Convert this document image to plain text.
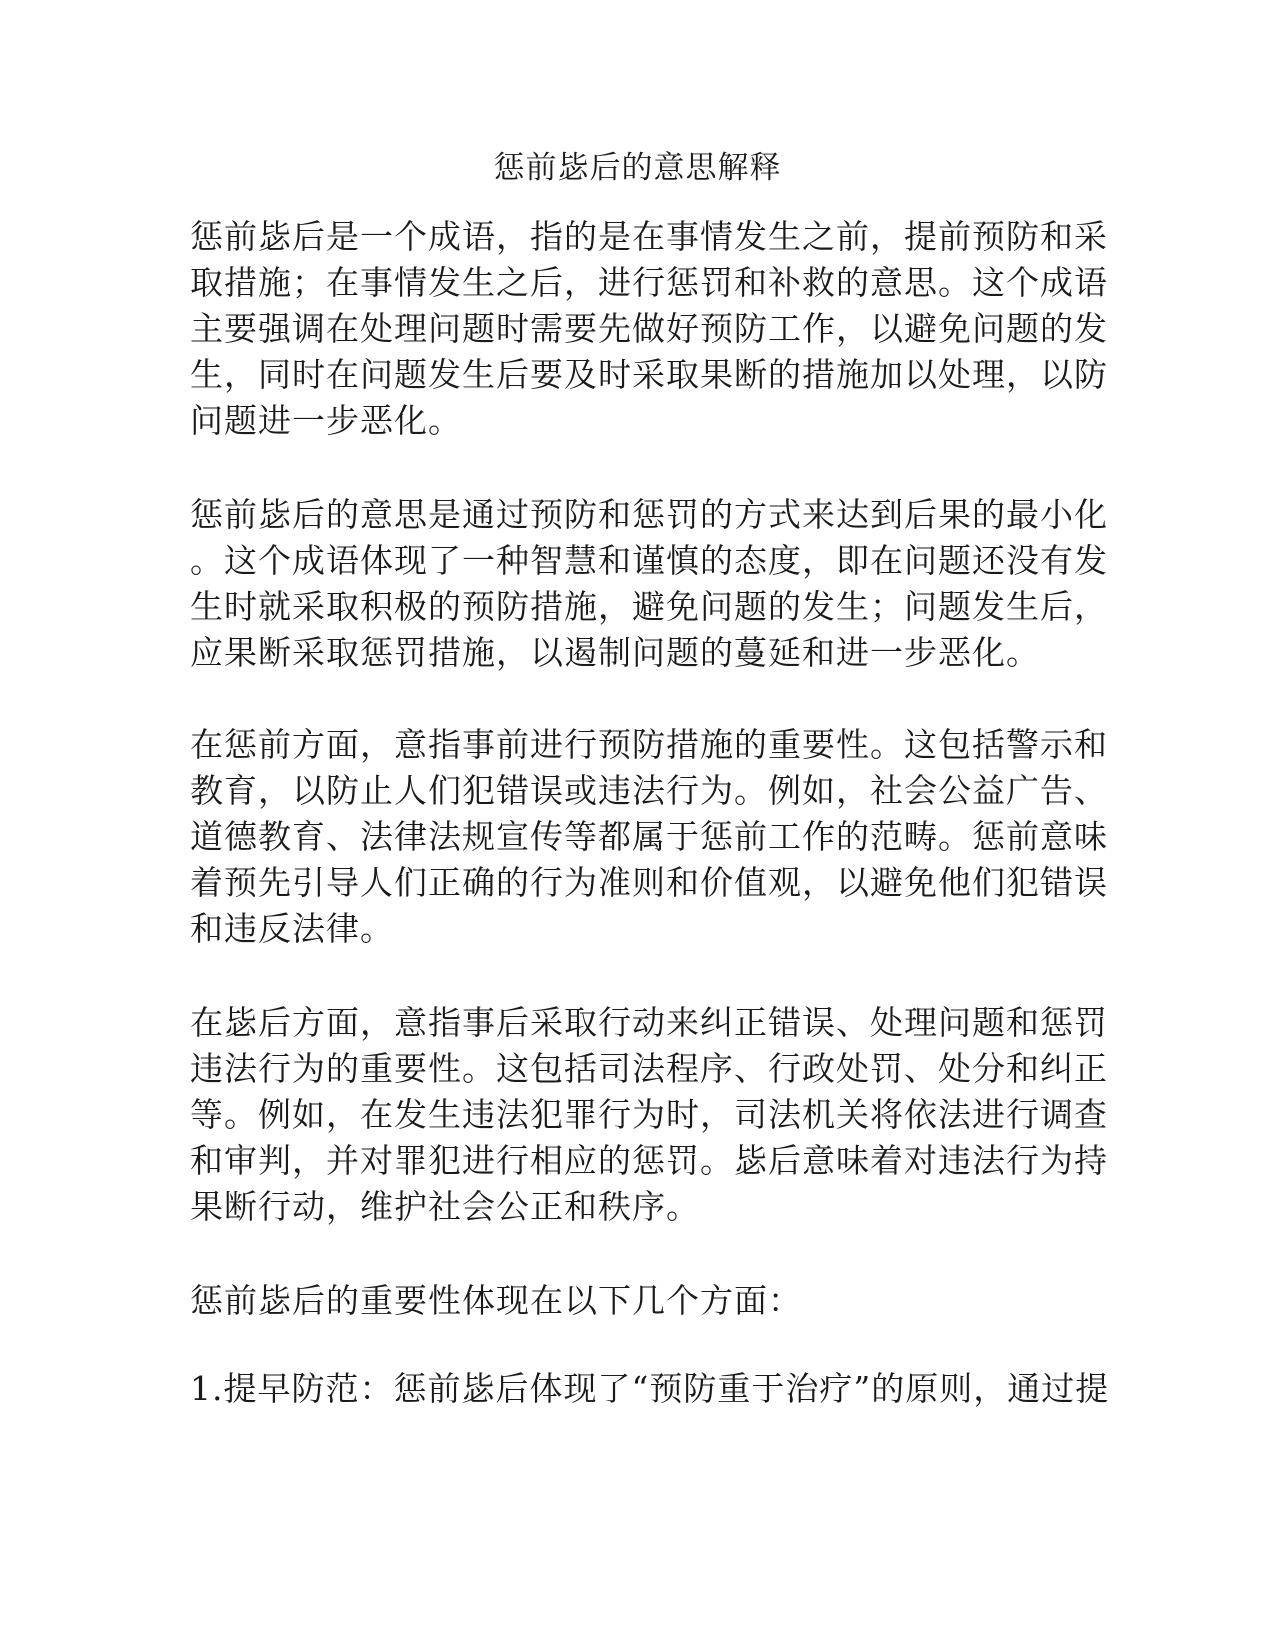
惩前毖后的意思解释
惩前毖后是一个成语，指的是在事情发生之前，提前预防和采
取措施；在事情发生之后，进行惩罚和补救的意思。这个成语
主要强调在处理问题时需要先做好预防工作，以避免问题的发
生，同时在问题发生后要及时采取果断的措施加以处理，以防
问题进一步恶化。
惩前毖后的意思是通过预防和惩罚的方式来达到后果的最小化
。这个成语体现了一种智慧和谨慎的态度，即在问题还没有发
生时就采取积极的预防措施，避免问题的发生；问题发生后，
应果断采取惩罚措施，以遏制问题的蔓延和进一步恶化。
在惩前方面，意指事前进行预防措施的重要性。这包括警示和
教育，以防止人们犯错误或违法行为。例如，社会公益广告、
道德教育、法律法规宣传等都属于惩前工作的范畴。惩前意味
着预先引导人们正确的行为准则和价值观，以避免他们犯错误
和违反法律。
在毖后方面，意指事后采取行动来纠正错误、处理问题和惩罚
违法行为的重要性。这包括司法程序、行政处罚、处分和纠正
等。例如，在发生违法犯罪行为时，司法机关将依法进行调查
和审判，并对罪犯进行相应的惩罚。毖后意味着对违法行为持
果断行动，维护社会公正和秩序。
惩前毖后的重要性体现在以下几个方面：
1.提早防范：惩前毖后体现了“预防重于治疗”的原则，通过提
